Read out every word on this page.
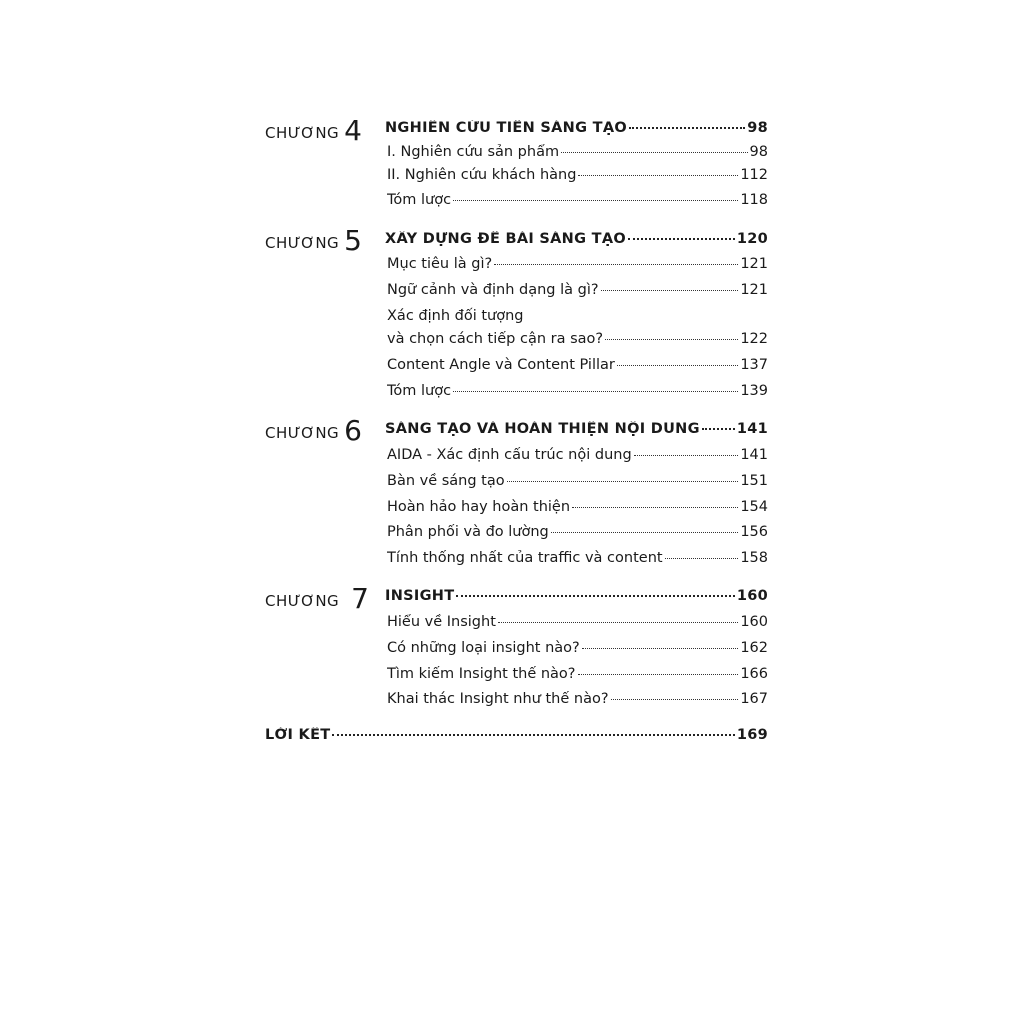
CHƯƠNG 4 NGHIÊN CỨU TIỀN SÁNG TẠO	98
I. Nghiên cứu sản phẩm	98
II. Nghiên cứu khách hàng	112
Tóm lược	118
CHƯƠNG 5 XÂY DỰNG ĐỀ BÀI SÁNG TẠO	120
Mục tiêu là gì?	121
Ngữ cảnh và định dạng là gì?	121
Xác định đối tượng
và chọn cách tiếp cận ra sao?	122
Content Angle và Content Pillar	137
Tóm lược	139
CHƯƠNG 6 SÁNG TẠO VÀ HOÀN THIỆN NỘI DUNG	141
AIDA - Xác định cấu trúc nội dung	141
Bàn về sáng tạo	151
Hoàn hảo hay hoàn thiện	154
Phân phối và đo lường	156
Tính thống nhất của traffic và content	158
CHƯƠNG 7 INSIGHT	160
Hiểu về Insight	160
Có những loại insight nào?	162
Tìm kiếm Insight thế nào?	166
Khai thác Insight như thế nào?	167
LỜI KẾT	169
